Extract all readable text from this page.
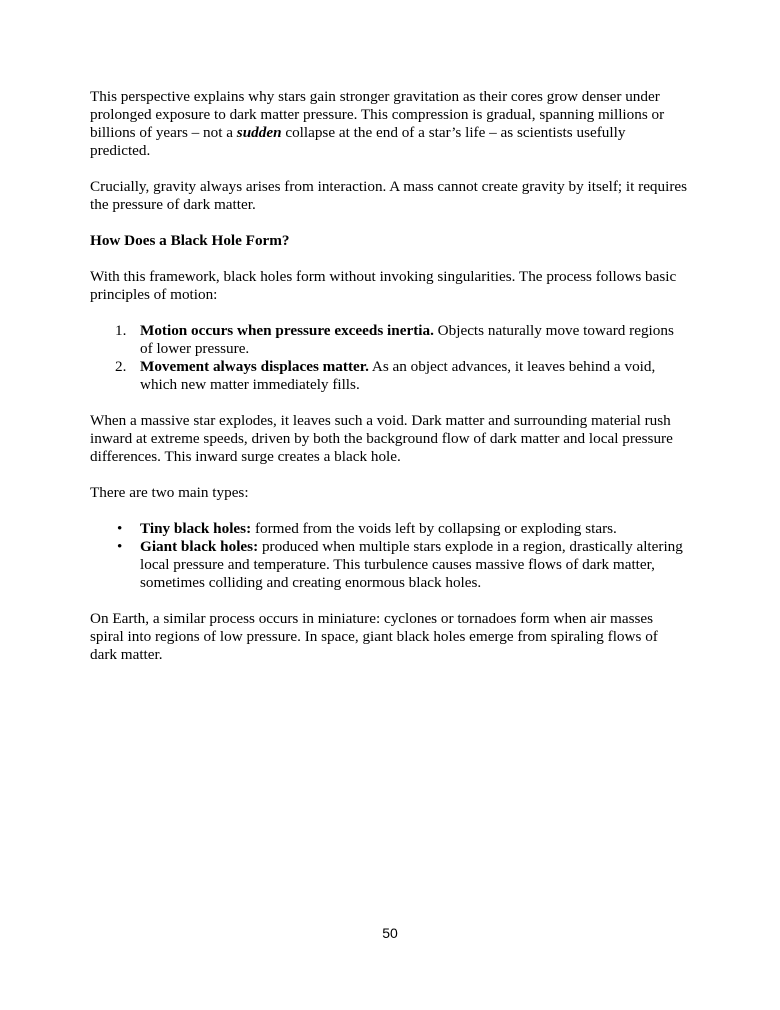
This perspective explains why stars gain stronger gravitation as their cores grow denser under prolonged exposure to dark matter pressure. This compression is gradual, spanning millions or billions of years – not a sudden collapse at the end of a star’s life – as scientists usefully predicted.

Crucially, gravity always arises from interaction. A mass cannot create gravity by itself; it requires the pressure of dark matter.

How Does a Black Hole Form?

With this framework, black holes form without invoking singularities. The process follows basic principles of motion:

1. Motion occurs when pressure exceeds inertia. Objects naturally move toward regions of lower pressure.
2. Movement always displaces matter. As an object advances, it leaves behind a void, which new matter immediately fills.

When a massive star explodes, it leaves such a void. Dark matter and surrounding material rush inward at extreme speeds, driven by both the background flow of dark matter and local pressure differences. This inward surge creates a black hole.

There are two main types:

•	Tiny black holes: formed from the voids left by collapsing or exploding stars.
•	Giant black holes: produced when multiple stars explode in a region, drastically altering local pressure and temperature. This turbulence causes massive flows of dark matter, sometimes colliding and creating enormous black holes.

On Earth, a similar process occurs in miniature: cyclones or tornadoes form when air masses spiral into regions of low pressure. In space, giant black holes emerge from spiraling flows of dark matter.

50
